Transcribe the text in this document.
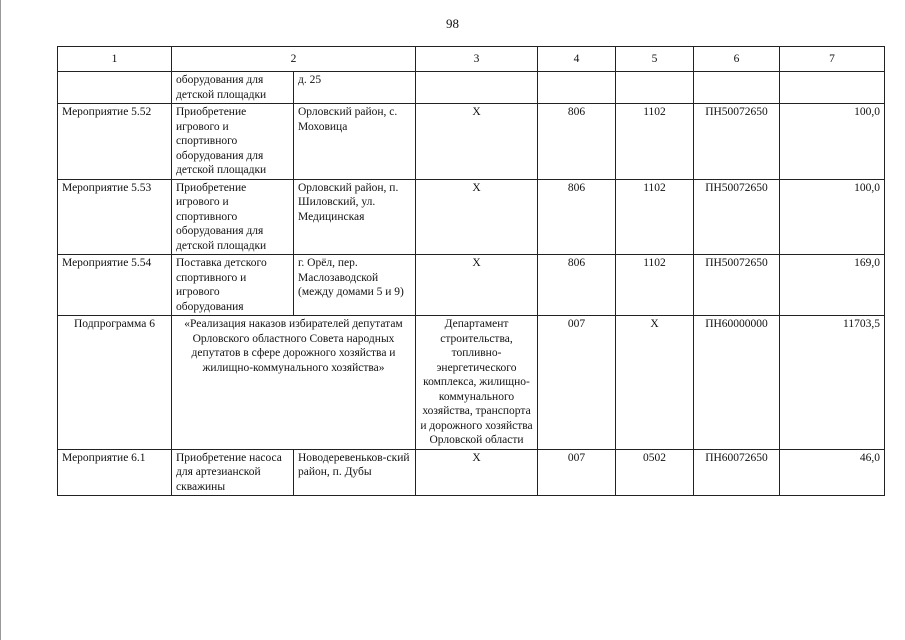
98
1	2		3	4	5	6	7
	оборудования для детской площадки	д. 25					
Мероприятие 5.52	Приобретение игрового и спортивного оборудования для детской площадки	Орловский район, с. Моховица	Х	806	1102	ПН50072650	100,0
Мероприятие 5.53	Приобретение игрового и спортивного оборудования для детской площадки	Орловский район, п. Шиловский, ул. Медицинская	Х	806	1102	ПН50072650	100,0
Мероприятие 5.54	Поставка детского спортивного и игрового оборудования	г. Орёл, пер. Маслозаводской (между домами 5 и 9)	Х	806	1102	ПН50072650	169,0
Подпрограмма 6	«Реализация наказов избирателей депутатам Орловского областного Совета народных депутатов в сфере дорожного хозяйства и жилищно-коммунального хозяйства»		Департамент строительства, топливно-энергетического комплекса, жилищно-коммунального хозяйства, транспорта и дорожного хозяйства Орловской области	007	Х	ПН60000000	11703,5
Мероприятие 6.1	Приобретение насоса для артезианской скважины	Новодеревеньков-ский район, п. Дубы	Х	007	0502	ПН60072650	46,0
